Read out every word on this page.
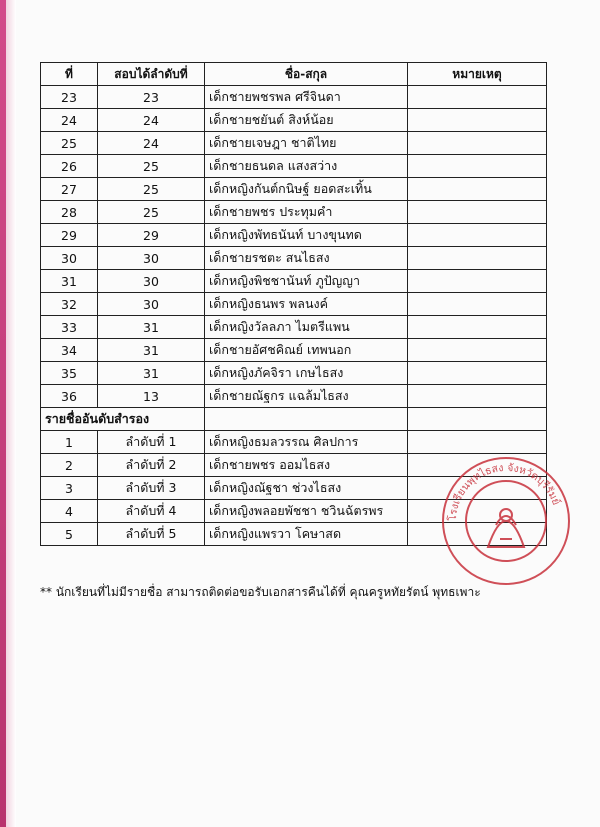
ที่	สอบได้ลำดับที่	ชื่อ-สกุล	หมายเหตุ
23	23	เด็กชายพชรพล ศรีจินดา	
24	24	เด็กชายชยันต์ สิงห์น้อย	
25	24	เด็กชายเจษฎา ชาติไทย	
26	25	เด็กชายธนดล แสงสว่าง	
27	25	เด็กหญิงกันต์กนิษฐ์ ยอดสะเทิ้น	
28	25	เด็กชายพชร ประทุมคำ	
29	29	เด็กหญิงพัทธนันท์ บางขุนทด	
30	30	เด็กชายรชตะ สนไธสง	
31	30	เด็กหญิงพิชชานันท์ ภูปัญญา	
32	30	เด็กหญิงธนพร พลนงค์	
33	31	เด็กหญิงวัลลภา ไมตรีแพน	
34	31	เด็กชายอัศชคิณย์ เทพนอก	
35	31	เด็กหญิงภัคจิรา เกษไธสง	
36	13	เด็กชายณัฐกร แฉล้มไธสง	
รายชื่ออันดับสำรอง			
1	ลำดับที่ 1	เด็กหญิงธมลวรรณ ศิลปการ	
2	ลำดับที่ 2	เด็กชายพชร ออมไธสง	
3	ลำดับที่ 3	เด็กหญิงณัฐชา ช่วงไธสง	
4	ลำดับที่ 4	เด็กหญิงพลอยพัชชา ชวินฉัตรพร	
5	ลำดับที่ 5	เด็กหญิงแพรวา โคษาสด	
โรงเรียนพุทไธสง จังหวัดบุรีรัมย์
** นักเรียนที่ไม่มีรายชื่อ สามารถติดต่อขอรับเอกสารคืนได้ที่ คุณครูหทัยรัตน์ พุทธเพาะ
